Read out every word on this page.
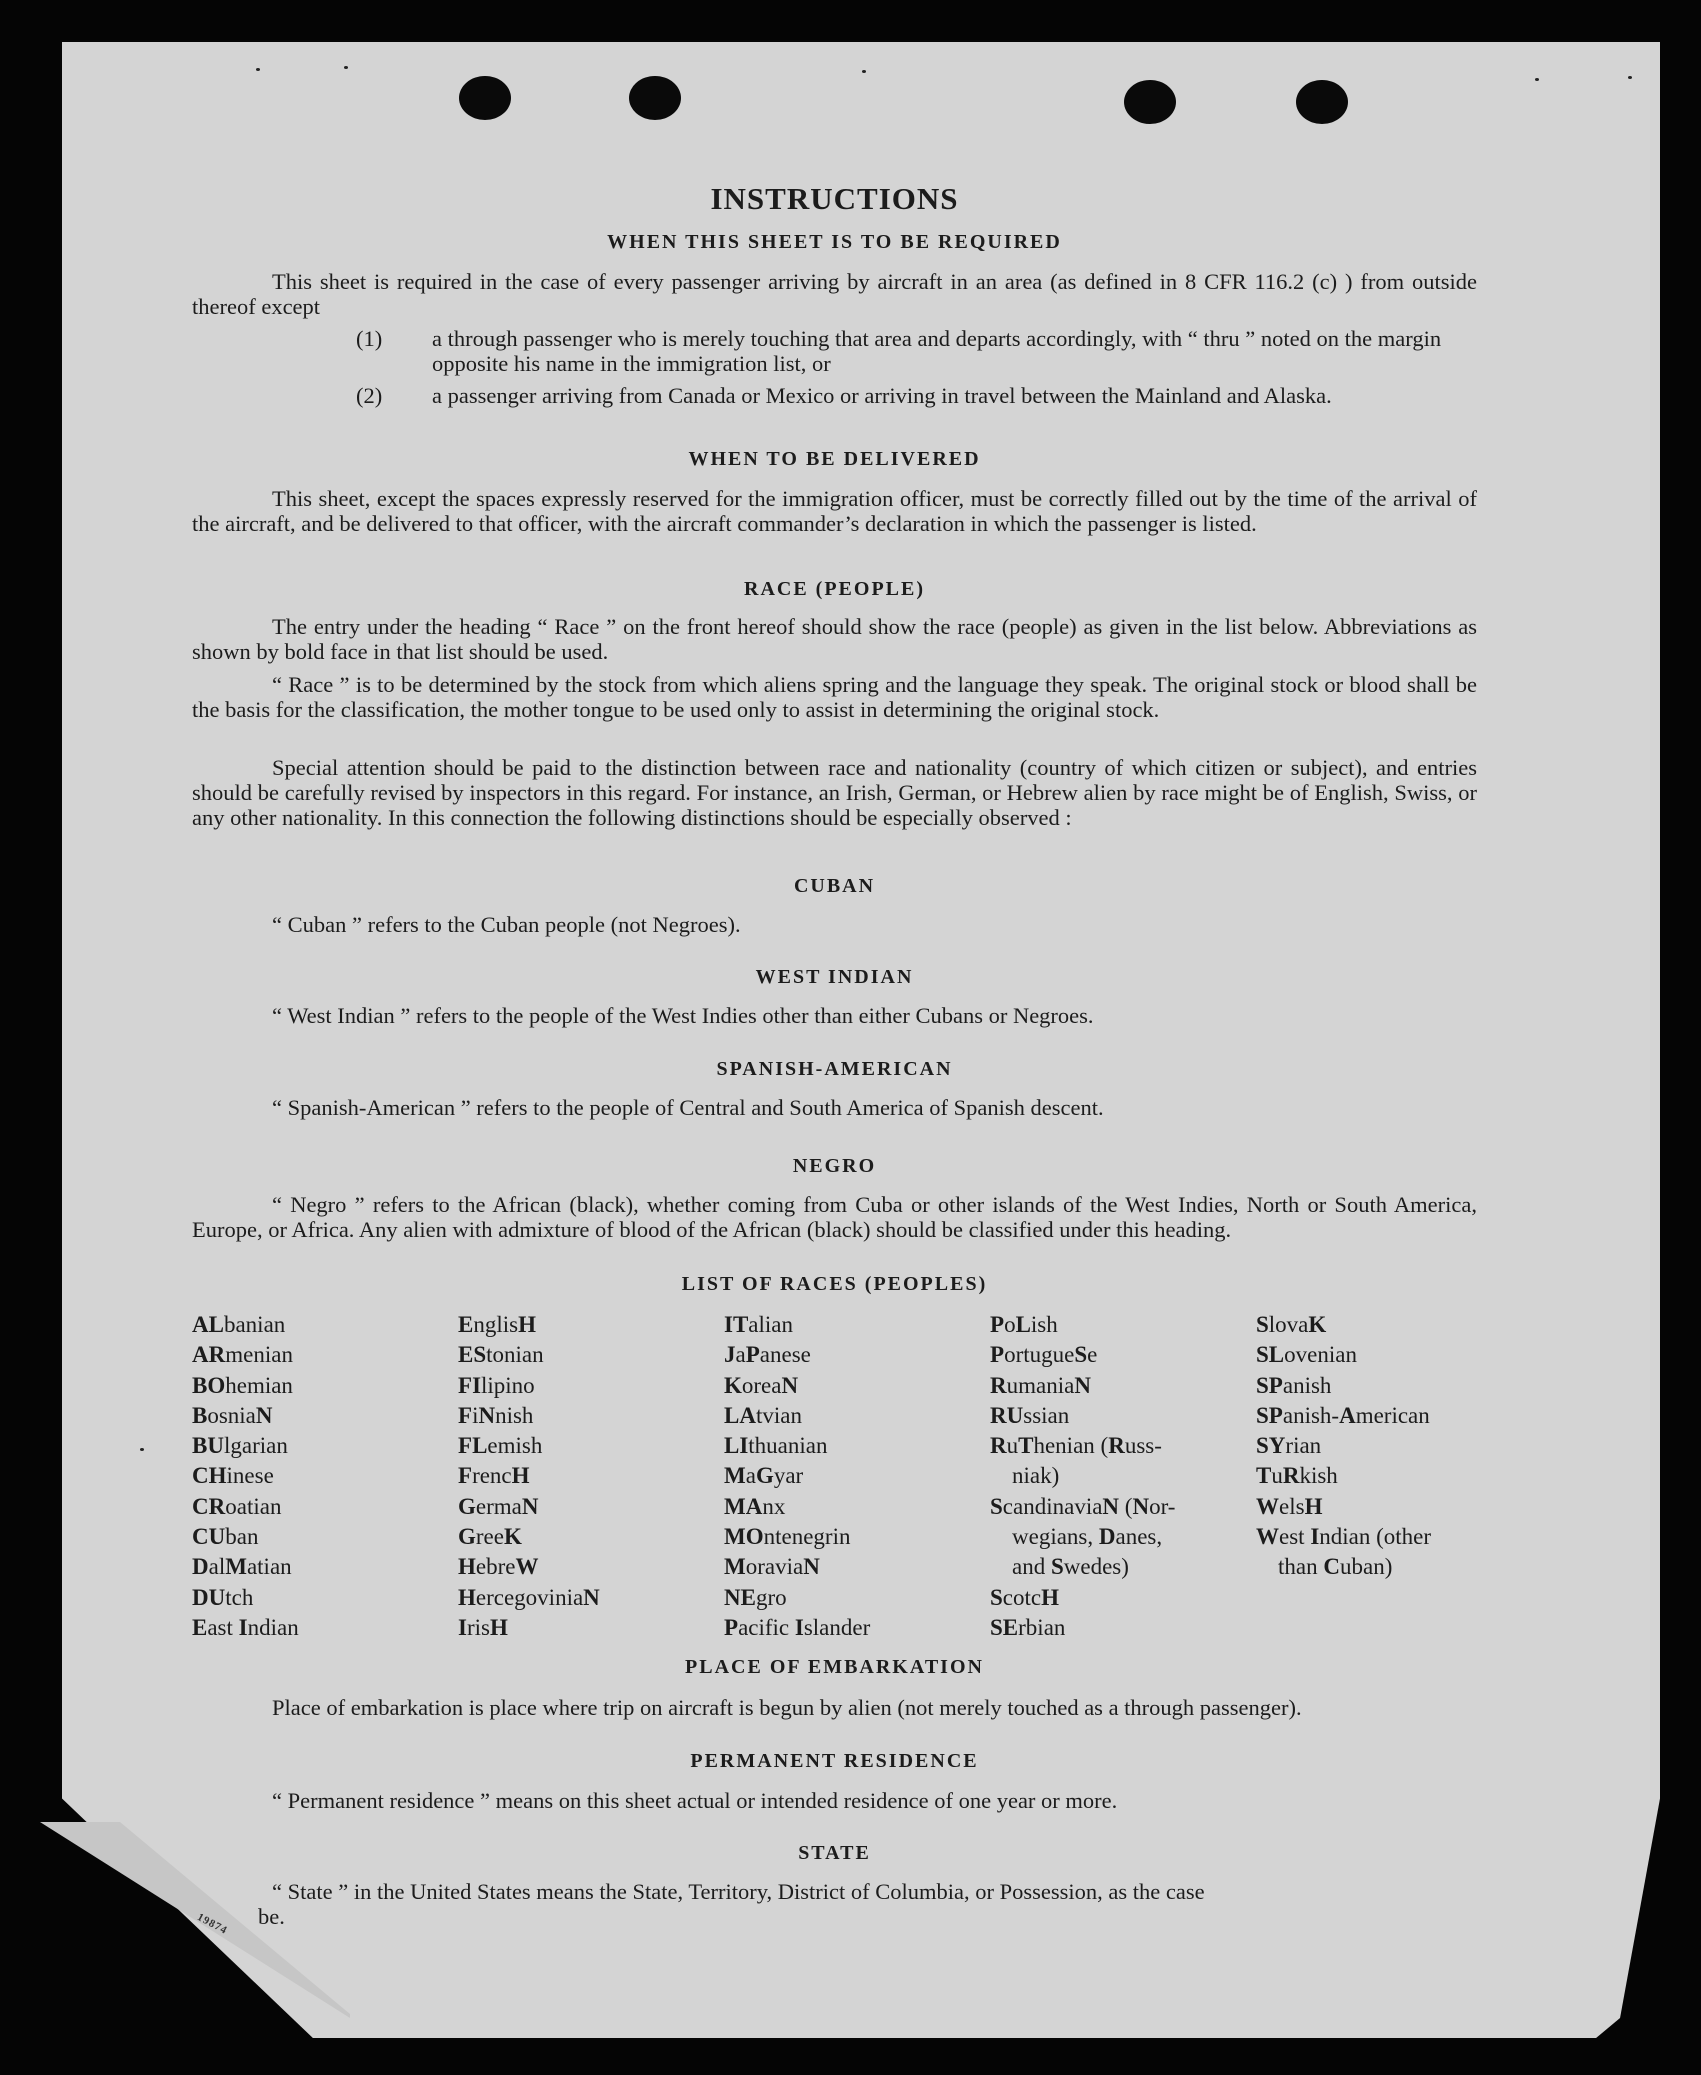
INSTRUCTIONS

WHEN THIS SHEET IS TO BE REQUIRED

This sheet is required in the case of every passenger arriving by aircraft in an area (as defined in 8 CFR 116.2 (c) ) from outside thereof except

(1) a through passenger who is merely touching that area and departs accordingly, with “ thru ” noted on the margin opposite his name in the immigration list, or

(2) a passenger arriving from Canada or Mexico or arriving in travel between the Mainland and Alaska.

WHEN TO BE DELIVERED

This sheet, except the spaces expressly reserved for the immigration officer, must be correctly filled out by the time of the arrival of the aircraft, and be delivered to that officer, with the aircraft commander’s declaration in which the passenger is listed.

RACE (PEOPLE)

The entry under the heading “ Race ” on the front hereof should show the race (people) as given in the list below. Abbreviations as shown by bold face in that list should be used.

“ Race ” is to be determined by the stock from which aliens spring and the language they speak. The original stock or blood shall be the basis for the classification, the mother tongue to be used only to assist in determining the original stock.

Special attention should be paid to the distinction between race and nationality (country of which citizen or subject), and entries should be carefully revised by inspectors in this regard. For instance, an Irish, German, or Hebrew alien by race might be of English, Swiss, or any other nationality. In this connection the following distinctions should be especially observed :

CUBAN

“ Cuban ” refers to the Cuban people (not Negroes).

WEST INDIAN

“ West Indian ” refers to the people of the West Indies other than either Cubans or Negroes.

SPANISH-AMERICAN

“ Spanish-American ” refers to the people of Central and South America of Spanish descent.

NEGRO

“ Negro ” refers to the African (black), whether coming from Cuba or other islands of the West Indies, North or South America, Europe, or Africa. Any alien with admixture of blood of the African (black) should be classified under this heading.

LIST OF RACES (PEOPLES)

ALbanian
ARmenian
BOhemian
BosniaN
BUlgarian
CHinese
CRoatian
CUban
DalMatian
DUtch
East Indian
EnglisH
EStonian
FIlipino
FiNnish
FLemish
FrencH
GermaN
GreeK
HebreW
HercegoviniaN
IrisH
ITalian
JaPanese
KoreaN
LAtvian
LIthuanian
MaGyar
MAnx
MOntenegrin
MoraviaN
NEgro
Pacific Islander
PoLish
PortugueSe
RumaniaN
RUssian
RuThenian (Russ-
niak)
ScandinaviaN (Nor-
wegians, Danes,
and Swedes)
ScotcH
SErbian
SlovaK
SLovenian
SPanish
SPanish-American
SYrian
TuRkish
WelsH
West Indian (other
than Cuban)

PLACE OF EMBARKATION

Place of embarkation is place where trip on aircraft is begun by alien (not merely touched as a through passenger).

PERMANENT RESIDENCE

“ Permanent residence ” means on this sheet actual or intended residence of one year or more.

STATE

“ State ” in the United States means the State, Territory, District of Columbia, or Possession, as the case

be.
19874
